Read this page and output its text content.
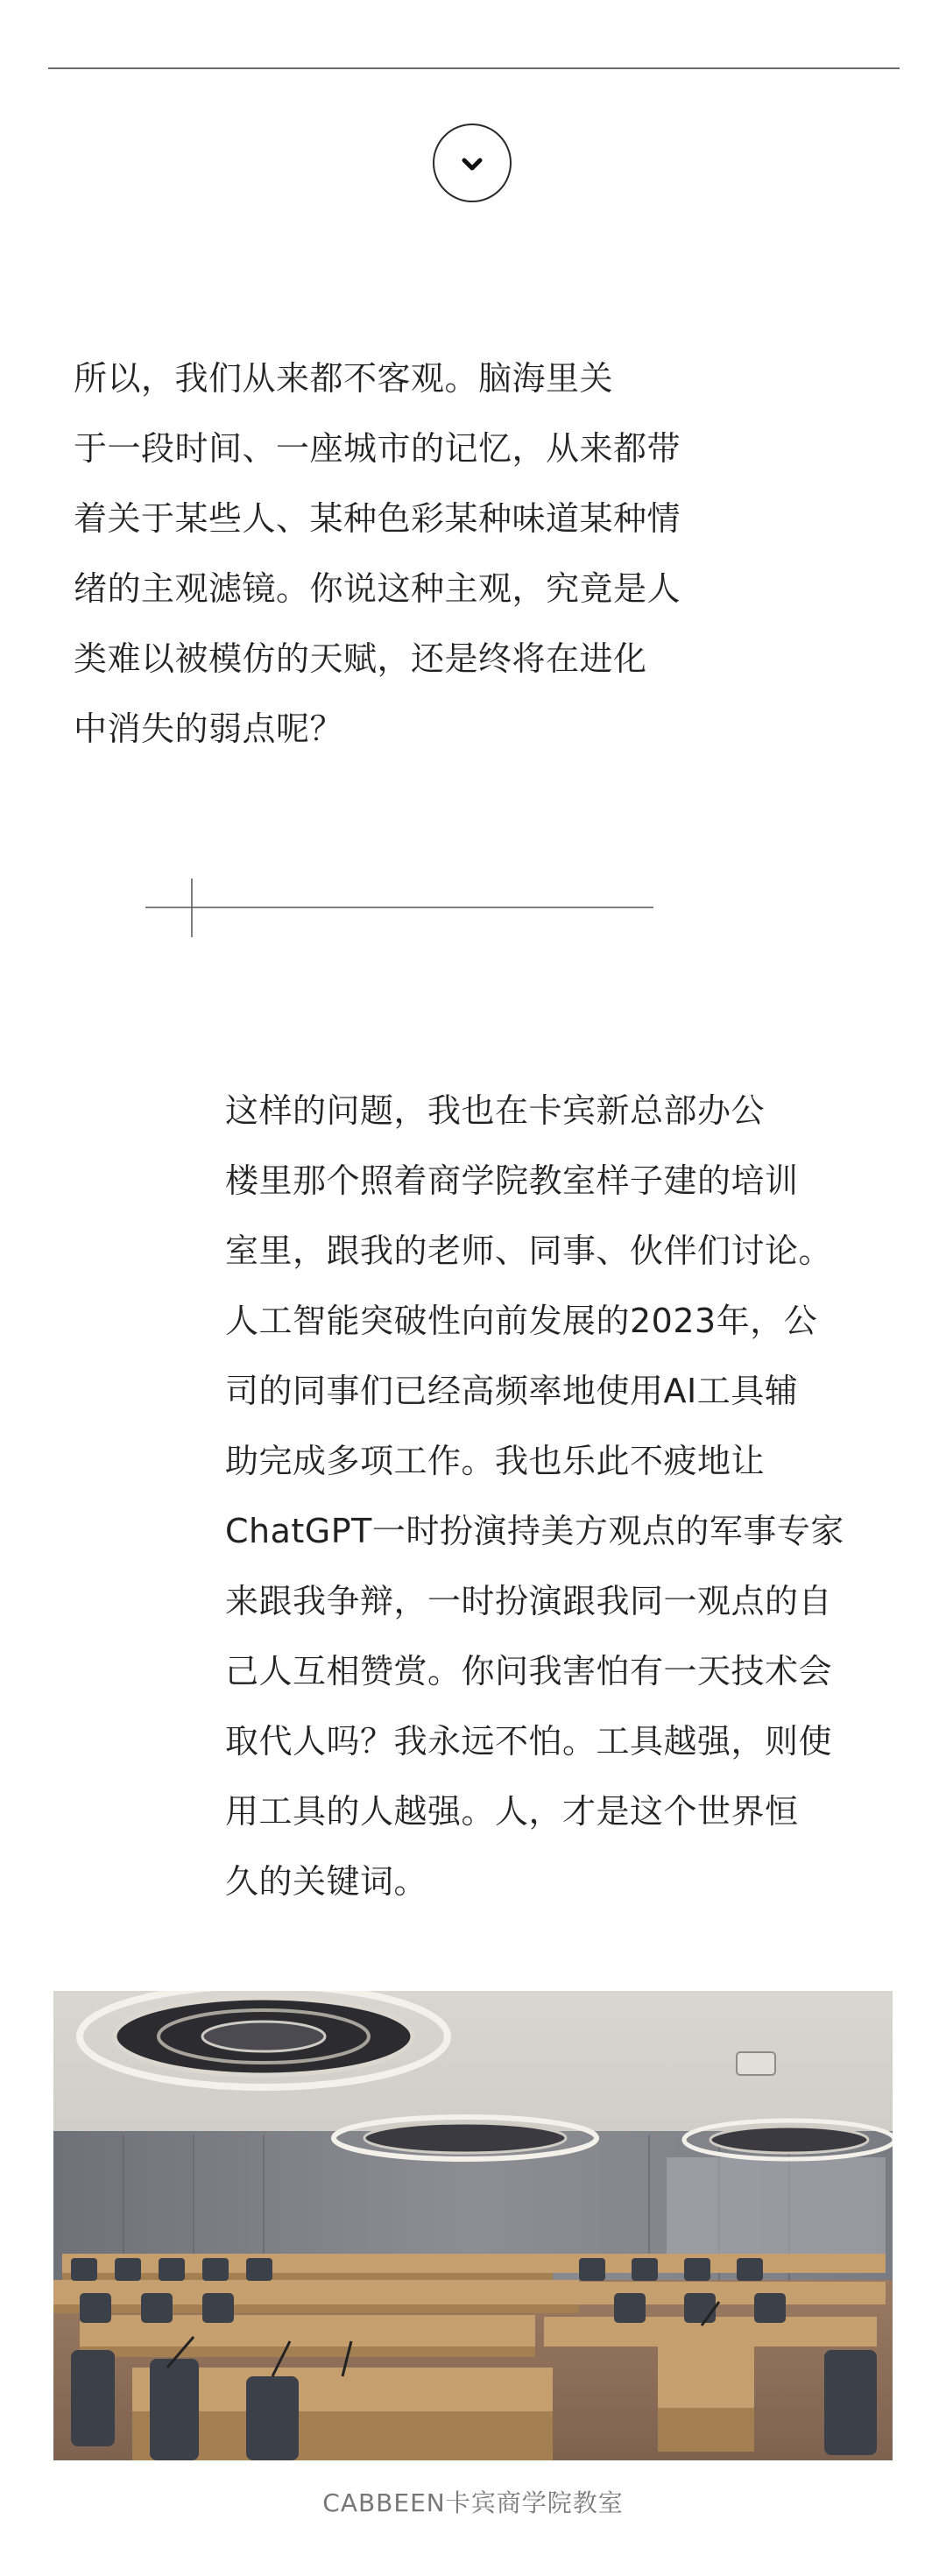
所以，我们从来都不客观。脑海里关
于一段时间、一座城市的记忆，从来都带
着关于某些人、某种色彩某种味道某种情
绪的主观滤镜。你说这种主观，究竟是人
类难以被模仿的天赋，还是终将在进化
中消失的弱点呢？

这样的问题，我也在卡宾新总部办公
楼里那个照着商学院教室样子建的培训
室里，跟我的老师、同事、伙伴们讨论。
人工智能突破性向前发展的2023年，公
司的同事们已经高频率地使用AI工具辅
助完成多项工作。我也乐此不疲地让
ChatGPT一时扮演持美方观点的军事专家
来跟我争辩，一时扮演跟我同一观点的自
己人互相赞赏。你问我害怕有一天技术会
取代人吗？我永远不怕。工具越强，则使
用工具的人越强。人，才是这个世界恒
久的关键词。

CABBEEN卡宾商学院教室
